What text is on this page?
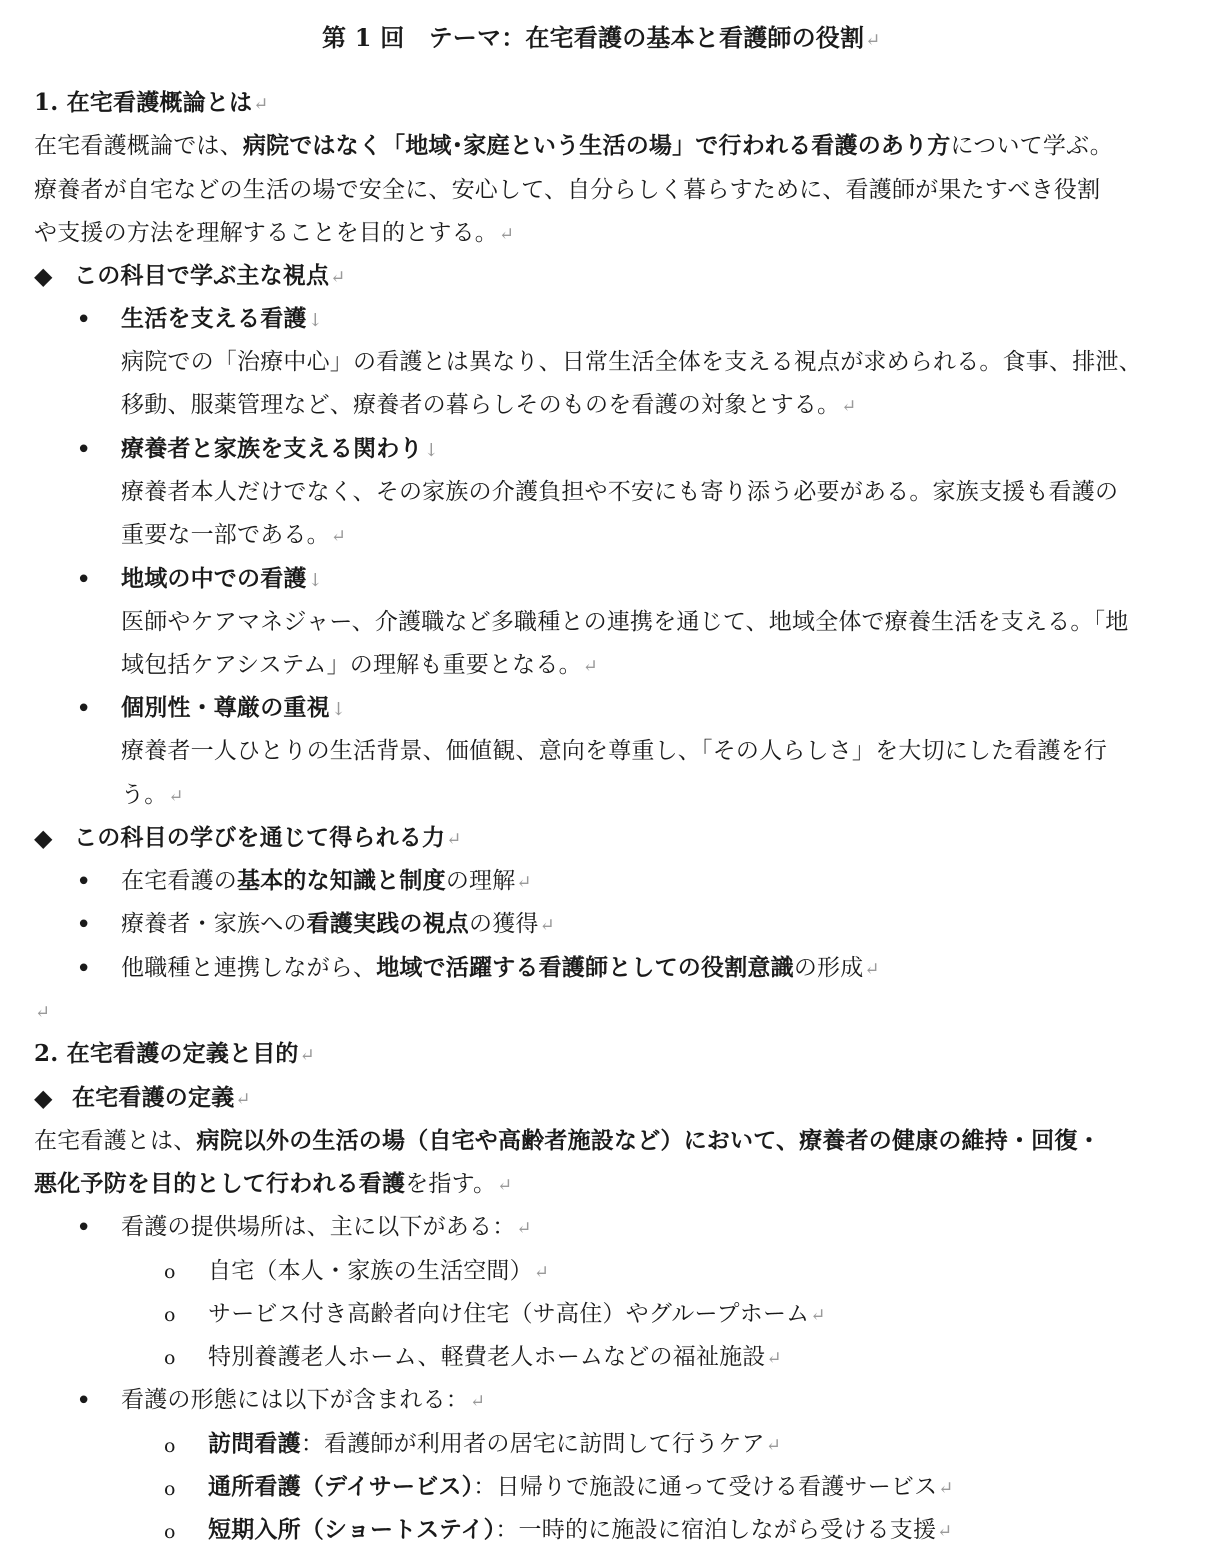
第 1 回　テーマ：在宅看護の基本と看護師の役割↵
1. 在宅看護概論とは↵
在宅看護概論では、病院ではなく「地域･家庭という生活の場」で行われる看護のあり方について学ぶ。
療養者が自宅などの生活の場で安全に、安心して、自分らしく暮らすために、看護師が果たすべき役割
や支援の方法を理解することを目的とする。↵
◆ この科目で学ぶ主な視点↵
• 生活を支える看護↓
病院での「治療中心」の看護とは異なり、日常生活全体を支える視点が求められる。食事、排泄、
移動、服薬管理など、療養者の暮らしそのものを看護の対象とする。↵
• 療養者と家族を支える関わり↓
療養者本人だけでなく、その家族の介護負担や不安にも寄り添う必要がある。家族支援も看護の
重要な一部である。↵
• 地域の中での看護↓
医師やケアマネジャー、介護職など多職種との連携を通じて、地域全体で療養生活を支える。「地
域包括ケアシステム」の理解も重要となる。↵
• 個別性・尊厳の重視↓
療養者一人ひとりの生活背景、価値観、意向を尊重し、「その人らしさ」を大切にした看護を行
う。↵
◆ この科目の学びを通じて得られる力↵
• 在宅看護の基本的な知識と制度の理解↵
• 療養者・家族への看護実践の視点の獲得↵
• 他職種と連携しながら、地域で活躍する看護師としての役割意識の形成↵
↵
2. 在宅看護の定義と目的↵
◆ 在宅看護の定義↵
在宅看護とは、病院以外の生活の場（自宅や高齢者施設など）において、療養者の健康の維持・回復・
悪化予防を目的として行われる看護を指す。↵
• 看護の提供場所は、主に以下がある：↵
o 自宅（本人・家族の生活空間）↵
o サービス付き高齢者向け住宅（サ高住）やグループホーム↵
o 特別養護老人ホーム、軽費老人ホームなどの福祉施設↵
• 看護の形態には以下が含まれる：↵
o 訪問看護：看護師が利用者の居宅に訪問して行うケア↵
o 通所看護（デイサービス）：日帰りで施設に通って受ける看護サービス↵
o 短期入所（ショートステイ）：一時的に施設に宿泊しながら受ける支援↵
